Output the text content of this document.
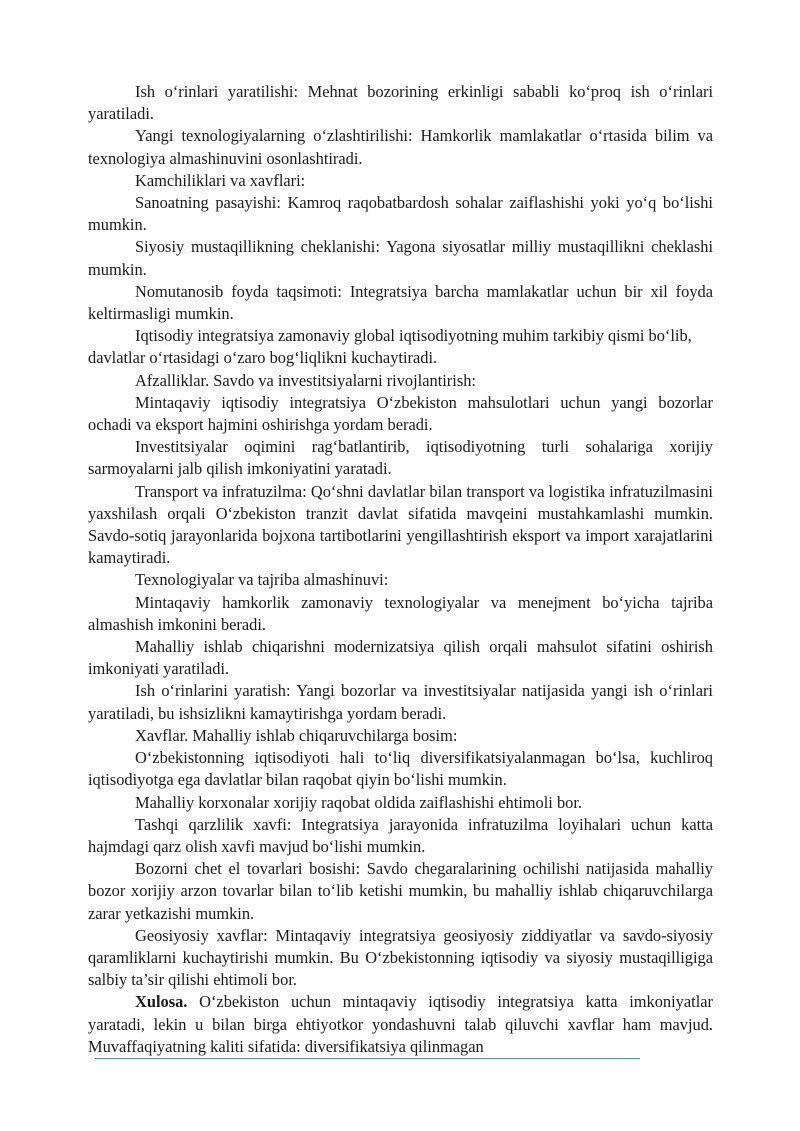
Ish o‘rinlari yaratilishi: Mehnat bozorining erkinligi sababli ko‘proq ish o‘rinlari yaratiladi.

Yangi texnologiyalarning o‘zlashtirilishi: Hamkorlik mamlakatlar o‘rtasida bilim va texnologiya almashinuvini osonlashtiradi.

Kamchiliklari va xavflari:

Sanoatning pasayishi: Kamroq raqobatbardosh sohalar zaiflashishi yoki yo‘q bo‘lishi mumkin.

Siyosiy mustaqillikning cheklanishi: Yagona siyosatlar milliy mustaqillikni cheklashi mumkin.

Nomutanosib foyda taqsimoti: Integratsiya barcha mamlakatlar uchun bir xil foyda keltirmasligi mumkin.

Iqtisodiy integratsiya zamonaviy global iqtisodiyotning muhim tarkibiy qismi bo‘lib, davlatlar o‘rtasidagi o‘zaro bog‘liqlikni kuchaytiradi.

Afzalliklar. Savdo va investitsiyalarni rivojlantirish:

Mintaqaviy iqtisodiy integratsiya O‘zbekiston mahsulotlari uchun yangi bozorlar ochadi va eksport hajmini oshirishga yordam beradi.

Investitsiyalar oqimini rag‘batlantirib, iqtisodiyotning turli sohalariga xorijiy sarmoyalarni jalb qilish imkoniyatini yaratadi.

Transport va infratuzilma: Qo‘shni davlatlar bilan transport va logistika infratuzilmasini yaxshilash orqali O‘zbekiston tranzit davlat sifatida mavqeini mustahkamlashi mumkin. Savdo-sotiq jarayonlarida bojxona tartibotlarini yengillashtirish eksport va import xarajatlarini kamaytiradi.

Texnologiyalar va tajriba almashinuvi:

Mintaqaviy hamkorlik zamonaviy texnologiyalar va menejment bo‘yicha tajriba almashish imkonini beradi.

Mahalliy ishlab chiqarishni modernizatsiya qilish orqali mahsulot sifatini oshirish imkoniyati yaratiladi.

Ish o‘rinlarini yaratish: Yangi bozorlar va investitsiyalar natijasida yangi ish o‘rinlari yaratiladi, bu ishsizlikni kamaytirishga yordam beradi.

Xavflar. Mahalliy ishlab chiqaruvchilarga bosim:

O‘zbekistonning iqtisodiyoti hali to‘liq diversifikatsiyalanmagan bo‘lsa, kuchliroq iqtisodiyotga ega davlatlar bilan raqobat qiyin bo‘lishi mumkin.

Mahalliy korxonalar xorijiy raqobat oldida zaiflashishi ehtimoli bor.

Tashqi qarzlilik xavfi: Integratsiya jarayonida infratuzilma loyihalari uchun katta hajmdagi qarz olish xavfi mavjud bo‘lishi mumkin.

Bozorni chet el tovarlari bosishi: Savdo chegaralarining ochilishi natijasida mahalliy bozor xorijiy arzon tovarlar bilan to‘lib ketishi mumkin, bu mahalliy ishlab chiqaruvchilarga zarar yetkazishi mumkin.

Geosiyosiy xavflar: Mintaqaviy integratsiya geosiyosiy ziddiyatlar va savdo-siyosiy qaramliklarni kuchaytirishi mumkin. Bu O‘zbekistonning iqtisodiy va siyosiy mustaqilligiga salbiy ta’sir qilishi ehtimoli bor.

Xulosa. O‘zbekiston uchun mintaqaviy iqtisodiy integratsiya katta imkoniyatlar yaratadi, lekin u bilan birga ehtiyotkor yondashuvni talab qiluvchi xavflar ham mavjud. Muvaffaqiyatning kaliti sifatida: diversifikatsiya qilinmagan
